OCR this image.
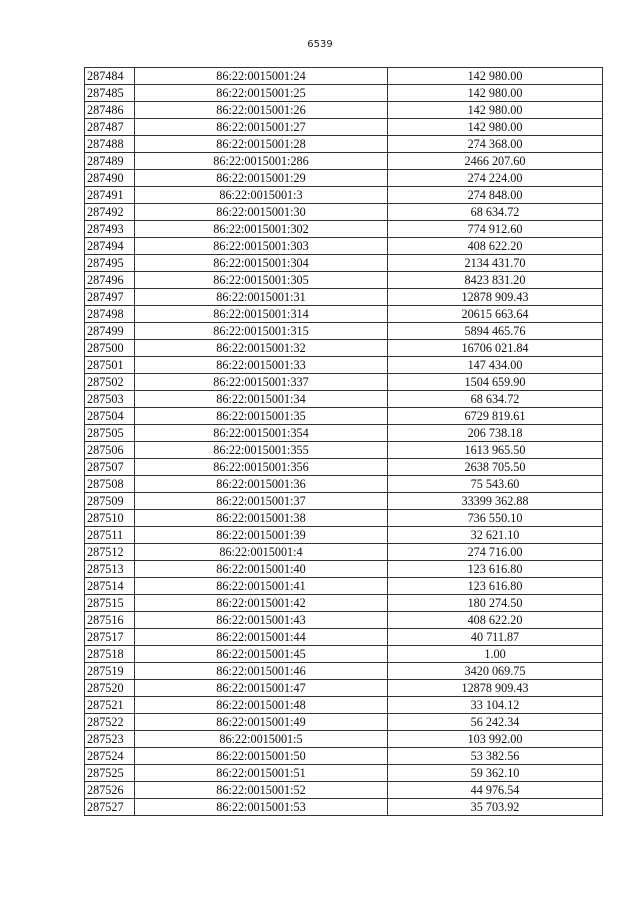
6539
287484	86:22:0015001:24	142 980.00
287485	86:22:0015001:25	142 980.00
287486	86:22:0015001:26	142 980.00
287487	86:22:0015001:27	142 980.00
287488	86:22:0015001:28	274 368.00
287489	86:22:0015001:286	2466 207.60
287490	86:22:0015001:29	274 224.00
287491	86:22:0015001:3	274 848.00
287492	86:22:0015001:30	68 634.72
287493	86:22:0015001:302	774 912.60
287494	86:22:0015001:303	408 622.20
287495	86:22:0015001:304	2134 431.70
287496	86:22:0015001:305	8423 831.20
287497	86:22:0015001:31	12878 909.43
287498	86:22:0015001:314	20615 663.64
287499	86:22:0015001:315	5894 465.76
287500	86:22:0015001:32	16706 021.84
287501	86:22:0015001:33	147 434.00
287502	86:22:0015001:337	1504 659.90
287503	86:22:0015001:34	68 634.72
287504	86:22:0015001:35	6729 819.61
287505	86:22:0015001:354	206 738.18
287506	86:22:0015001:355	1613 965.50
287507	86:22:0015001:356	2638 705.50
287508	86:22:0015001:36	75 543.60
287509	86:22:0015001:37	33399 362.88
287510	86:22:0015001:38	736 550.10
287511	86:22:0015001:39	32 621.10
287512	86:22:0015001:4	274 716.00
287513	86:22:0015001:40	123 616.80
287514	86:22:0015001:41	123 616.80
287515	86:22:0015001:42	180 274.50
287516	86:22:0015001:43	408 622.20
287517	86:22:0015001:44	40 711.87
287518	86:22:0015001:45	1.00
287519	86:22:0015001:46	3420 069.75
287520	86:22:0015001:47	12878 909.43
287521	86:22:0015001:48	33 104.12
287522	86:22:0015001:49	56 242.34
287523	86:22:0015001:5	103 992.00
287524	86:22:0015001:50	53 382.56
287525	86:22:0015001:51	59 362.10
287526	86:22:0015001:52	44 976.54
287527	86:22:0015001:53	35 703.92
